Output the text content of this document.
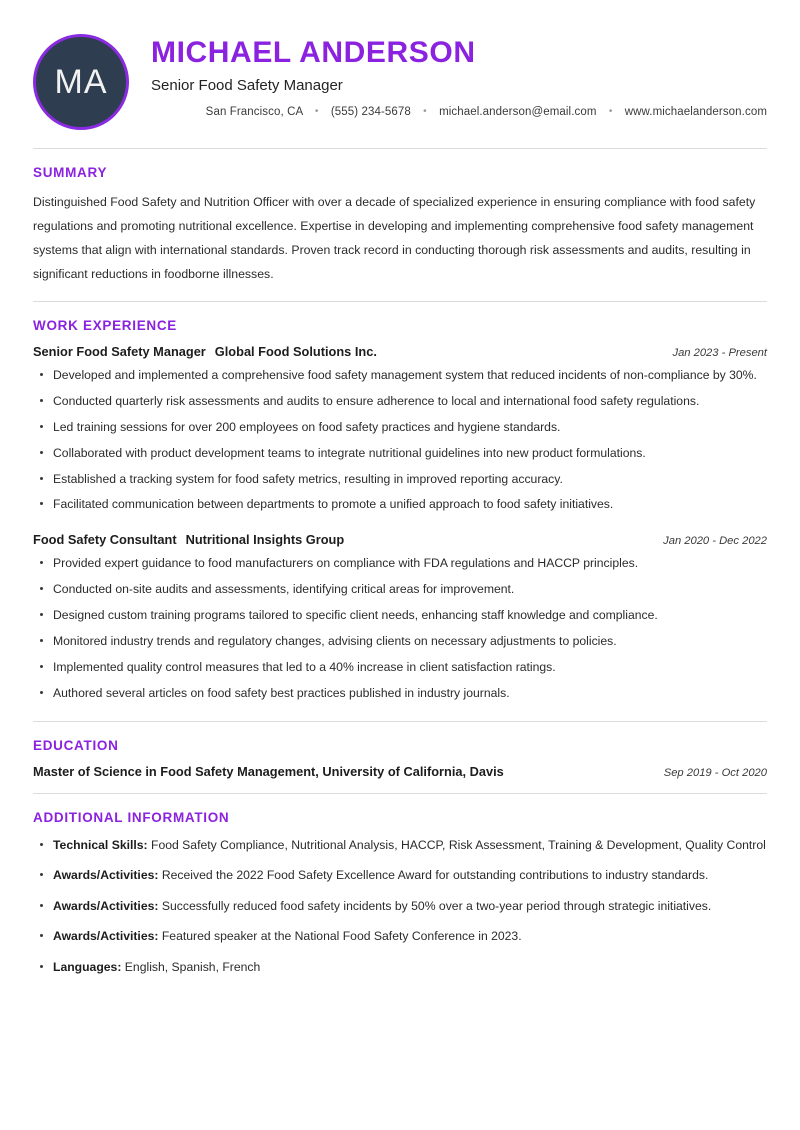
MA
MICHAEL ANDERSON
Senior Food Safety Manager
San Francisco, CA • (555) 234-5678 • michael.anderson@email.com • www.michaelanderson.com
SUMMARY

Distinguished Food Safety and Nutrition Officer with over a decade of specialized experience in ensuring compliance with food safety regulations and promoting nutritional excellence. Expertise in developing and implementing comprehensive food safety management systems that align with international standards. Proven track record in conducting thorough risk assessments and audits, resulting in significant reductions in foodborne illnesses.

WORK EXPERIENCE
Senior Food Safety Manager Global Food Solutions Inc.	Jan 2023 - Present
Developed and implemented a comprehensive food safety management system that reduced incidents of non-compliance by 30%.
Conducted quarterly risk assessments and audits to ensure adherence to local and international food safety regulations.
Led training sessions for over 200 employees on food safety practices and hygiene standards.
Collaborated with product development teams to integrate nutritional guidelines into new product formulations.
Established a tracking system for food safety metrics, resulting in improved reporting accuracy.
Facilitated communication between departments to promote a unified approach to food safety initiatives.
Food Safety Consultant Nutritional Insights Group	Jan 2020 - Dec 2022
Provided expert guidance to food manufacturers on compliance with FDA regulations and HACCP principles.
Conducted on-site audits and assessments, identifying critical areas for improvement.
Designed custom training programs tailored to specific client needs, enhancing staff knowledge and compliance.
Monitored industry trends and regulatory changes, advising clients on necessary adjustments to policies.
Implemented quality control measures that led to a 40% increase in client satisfaction ratings.
Authored several articles on food safety best practices published in industry journals.
EDUCATION
Master of Science in Food Safety Management, University of California, Davis	Sep 2019 - Oct 2020
ADDITIONAL INFORMATION
Technical Skills: Food Safety Compliance, Nutritional Analysis, HACCP, Risk Assessment, Training & Development, Quality Control
Awards/Activities: Received the 2022 Food Safety Excellence Award for outstanding contributions to industry standards.
Awards/Activities: Successfully reduced food safety incidents by 50% over a two-year period through strategic initiatives.
Awards/Activities: Featured speaker at the National Food Safety Conference in 2023.
Languages: English, Spanish, French
